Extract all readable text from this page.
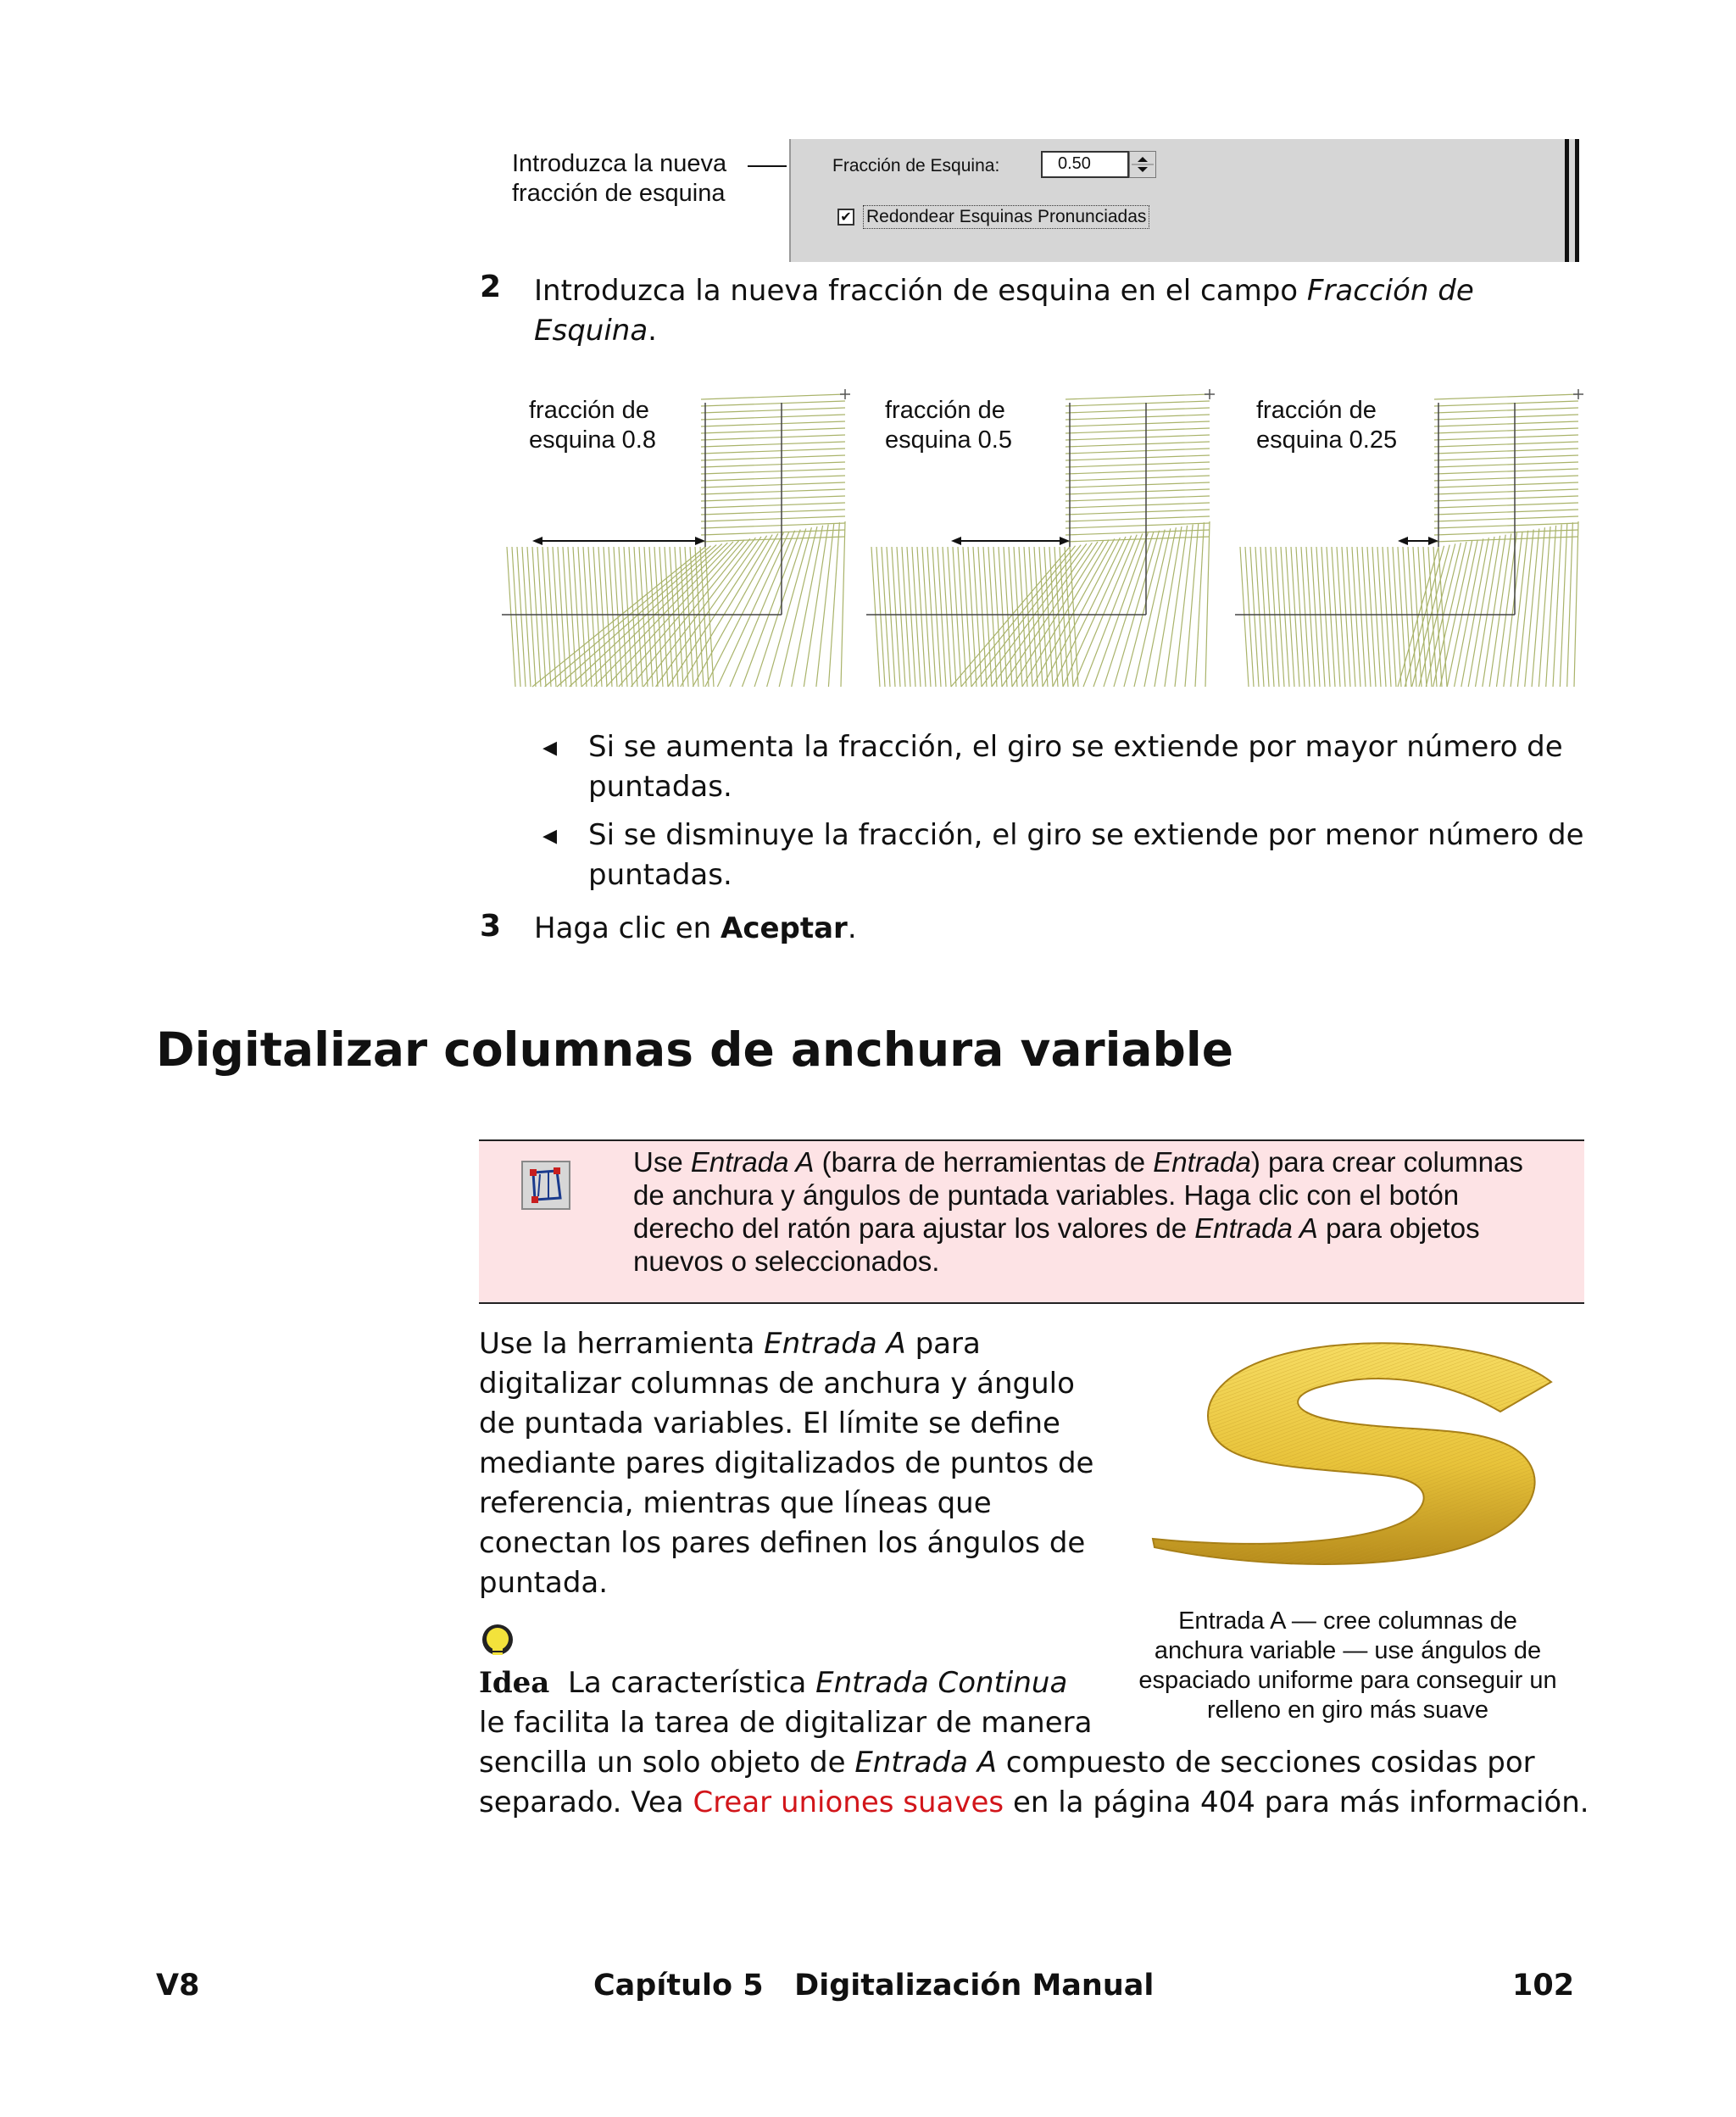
Introduzca la nueva
fracción de esquina
Fracción de Esquina:	0.50
✔ Redondear Esquinas Pronunciadas
2 Introduzca la nueva fracción de esquina en el campo Fracción de
Esquina.
fracción de
esquina 0.8
fracción de
esquina 0.5
fracción de
esquina 0.25
◂ Si se aumenta la fracción, el giro se extiende por mayor número de
puntadas.
◂ Si se disminuye la fracción, el giro se extiende por menor número de
puntadas.
3 Haga clic en Aceptar.
Digitalizar columnas de anchura variable
Use Entrada A (barra de herramientas de Entrada) para crear columnas
de anchura y ángulos de puntada variables. Haga clic con el botón
derecho del ratón para ajustar los valores de Entrada A para objetos
nuevos o seleccionados.
Use la herramienta Entrada A para
digitalizar columnas de anchura y ángulo
de puntada variables. El límite se define
mediante pares digitalizados de puntos de
referencia, mientras que líneas que
conectan los pares definen los ángulos de
puntada.
Entrada A — cree columnas de
anchura variable — use ángulos de
espaciado uniforme para conseguir un
relleno en giro más suave
Idea  La característica Entrada Continua
le facilita la tarea de digitalizar de manera
sencilla un solo objeto de Entrada A compuesto de secciones cosidas por
separado. Vea Crear uniones suaves en la página 404 para más información.
V8	Capítulo 5   Digitalización Manual	102
